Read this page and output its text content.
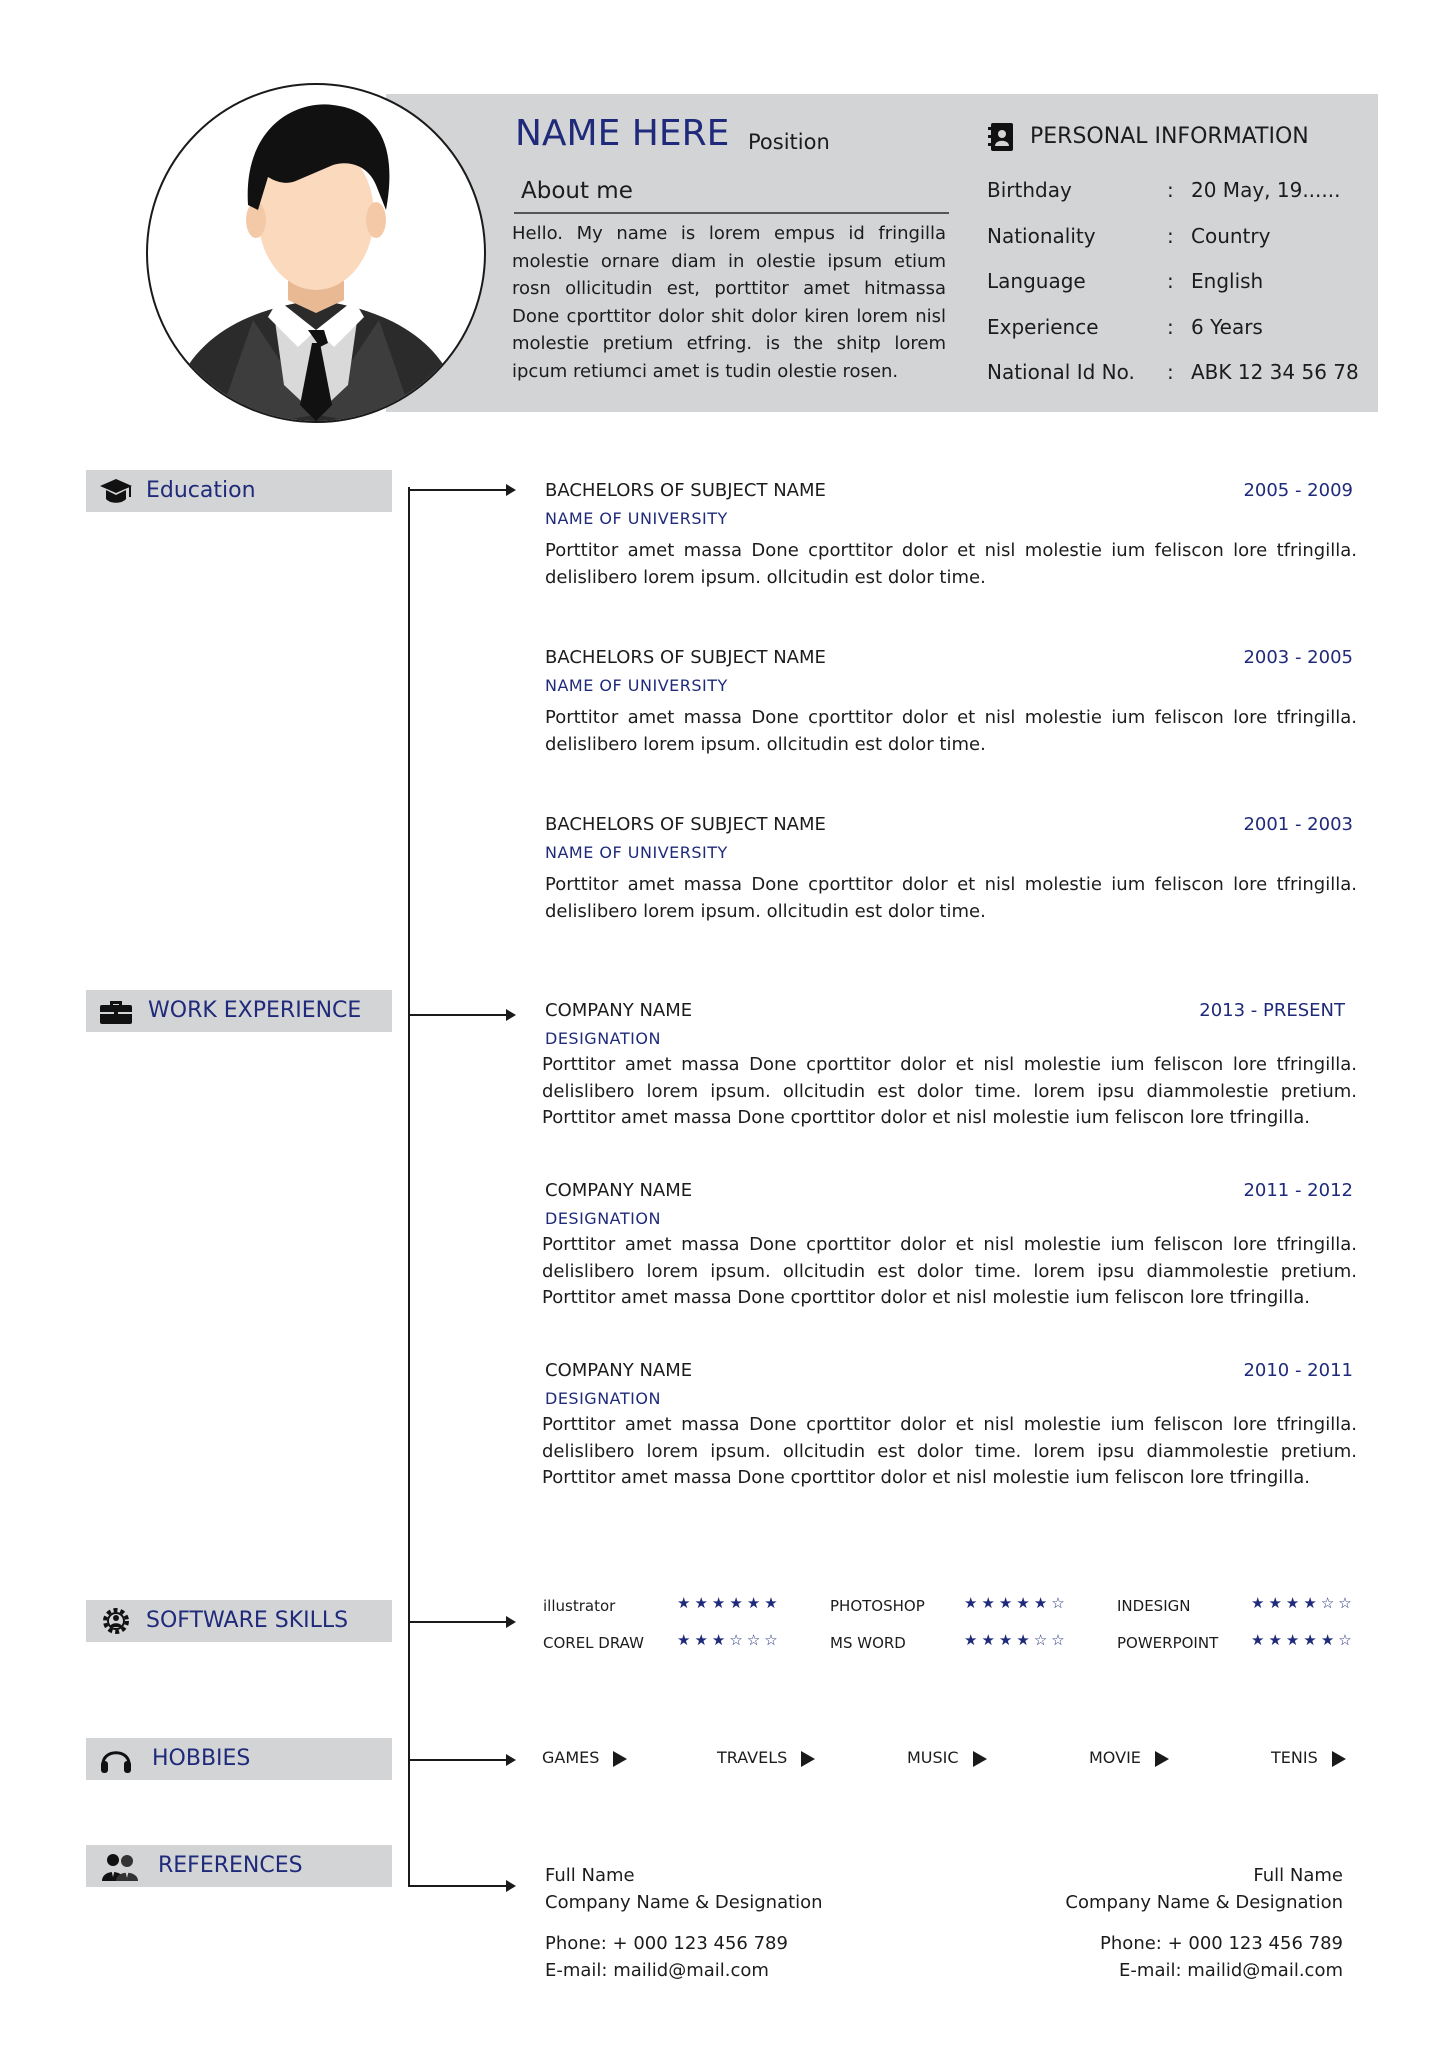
NAME HERE Position
About me
Hello. My name is lorem empus id fringilla molestie ornare diam in olestie ipsum etium rosn ollicitudin est, porttitor amet hitmassa Done cporttitor dolor shit dolor kiren lorem nisl molestie pretium etfring. is the shitp lorem ipcum retiumci amet is tudin olestie rosen.
PERSONAL INFORMATION
Birthday	: 20 May, 19......
Nationality	: Country
Language	: English
Experience	: 6 Years
National Id No. : ABK 12 34 56 78
Education
WORK EXPERIENCE
SOFTWARE SKILLS
HOBBIES
REFERENCES
BACHELORS OF SUBJECT NAME	2005 - 2009
NAME OF UNIVERSITY
Porttitor amet massa Done cporttitor dolor et nisl molestie ium feliscon lore tfringilla. delislibero lorem ipsum. ollcitudin est dolor time.
BACHELORS OF SUBJECT NAME	2003 - 2005
NAME OF UNIVERSITY
Porttitor amet massa Done cporttitor dolor et nisl molestie ium feliscon lore tfringilla. delislibero lorem ipsum. ollcitudin est dolor time.
BACHELORS OF SUBJECT NAME	2001 - 2003
NAME OF UNIVERSITY
Porttitor amet massa Done cporttitor dolor et nisl molestie ium feliscon lore tfringilla. delislibero lorem ipsum. ollcitudin est dolor time.
COMPANY NAME	2013 - PRESENT
DESIGNATION
Porttitor amet massa Done cporttitor dolor et nisl molestie ium feliscon lore tfringilla. delislibero lorem ipsum. ollcitudin est dolor time. lorem ipsu diammolestie pretium. Porttitor amet massa Done cporttitor dolor et nisl molestie ium feliscon lore tfringilla.
COMPANY NAME	2011 - 2012
DESIGNATION
Porttitor amet massa Done cporttitor dolor et nisl molestie ium feliscon lore tfringilla. delislibero lorem ipsum. ollcitudin est dolor time. lorem ipsu diammolestie pretium. Porttitor amet massa Done cporttitor dolor et nisl molestie ium feliscon lore tfringilla.
COMPANY NAME	2010 - 2011
DESIGNATION
Porttitor amet massa Done cporttitor dolor et nisl molestie ium feliscon lore tfringilla. delislibero lorem ipsum. ollcitudin est dolor time. lorem ipsu diammolestie pretium. Porttitor amet massa Done cporttitor dolor et nisl molestie ium feliscon lore tfringilla.
illustrator	★★★★★★	PHOTOSHOP	★★★★★☆	INDESIGN	★★★★☆☆
COREL DRAW ★★★☆☆☆	MS WORD	★★★★☆☆	POWERPOINT ★★★★★☆
GAMES	TRAVELS	MUSIC	MOVIE	TENIS
Full Name
Company Name & Designation
Phone: + 000 123 456 789
E-mail: mailid@mail.com
Full Name
Company Name & Designation
Phone: + 000 123 456 789
E-mail: mailid@mail.com
